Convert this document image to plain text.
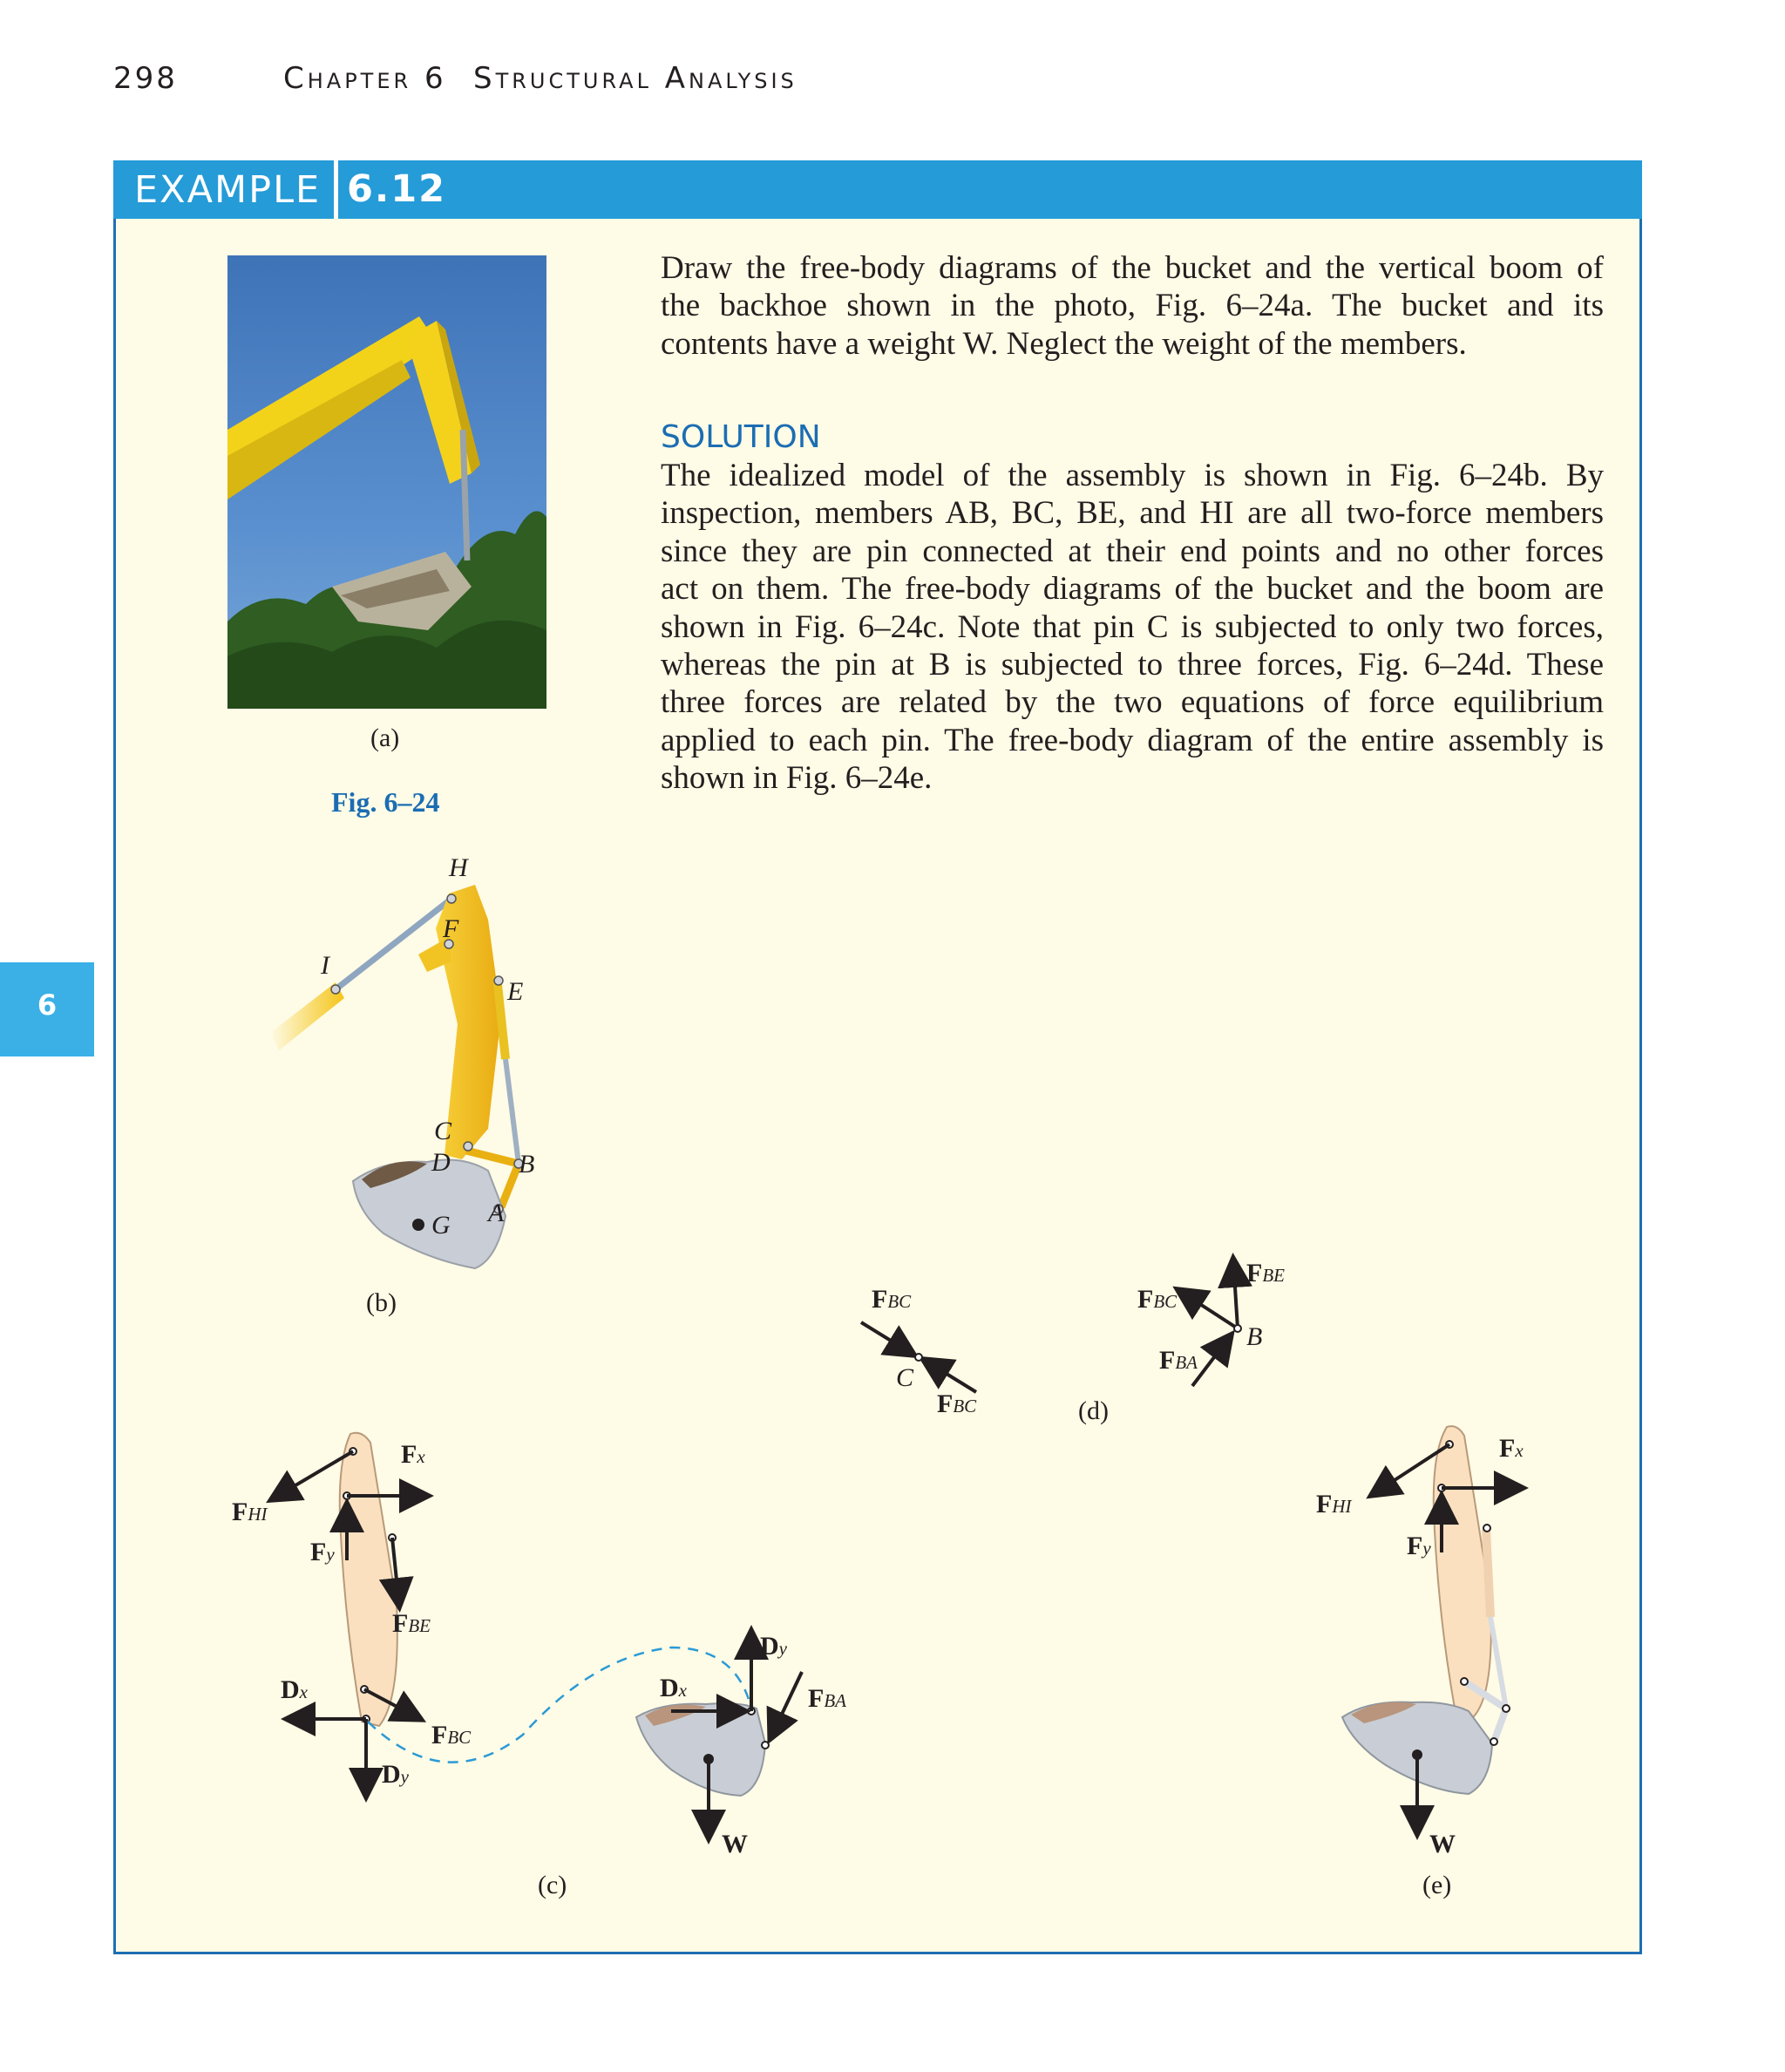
298	Chapter 6 Structural Analysis
EXAMPLE 6.12
6

Draw the free-body diagrams of the bucket and the vertical boom of

the backhoe shown in the photo, Fig. 6–24a. The bucket and its

contents have a weight W. Neglect the weight of the members.

SOLUTION

The idealized model of the assembly is shown in Fig. 6–24b. By

inspection, members AB, BC, BE, and HI are all two-force members

since they are pin connected at their end points and no other forces

act on them. The free-body diagrams of the bucket and the boom are

shown in Fig. 6–24c. Note that pin C is subjected to only two forces,

whereas the pin at B is subjected to three forces, Fig. 6–24d. These

three forces are related by the two equations of force equilibrium

applied to each pin. The free-body diagram of the entire assembly is

shown in Fig. 6–24e.

(a)
Fig. 6–24
H
F
I
E
C
D	B
A
G
(b)	FBC
C
FBC
FBE
FBC
B
FBA
(d)
FHI
Fx
Fy
FBE
Dx
FBC
Dy
Dy
Dx	FBA
W
(c)
FHI
Fx
Fy
W
(e)
